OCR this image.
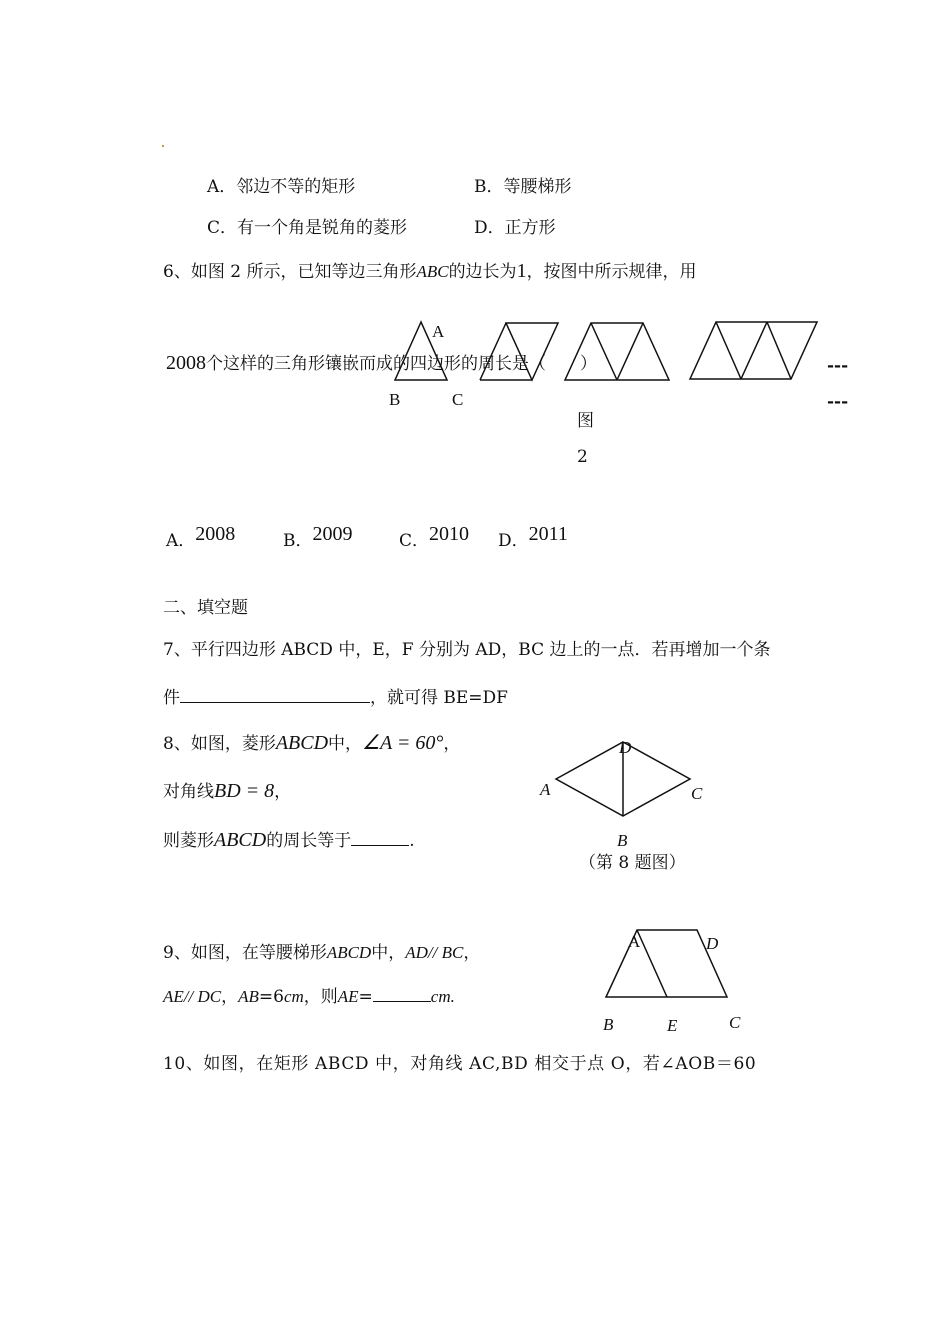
A．邻边不等的矩形	B．等腰梯形
C．有一个角是锐角的菱形	D．正方形
6、如图 2 所示，已知等边三角形ABC的边长为1，按图中所示规律，用
2008个这样的三角形镶嵌而成的四边形的周长是（　　）
A
B	C
---
---
图
2
A．2008	B．2009	C．2010 D．2011
二、填空题
7、平行四边形 ABCD 中，E，F 分别为 AD，BC 边上的一点．若再增加一个条
件	，就可得 BE=DF
8、如图，菱形ABCD中，∠A = 60°，
对角线BD = 8，
则菱形ABCD的周长等于	.
D
A	C
B
（第 8 题图）
9、如图，在等腰梯形ABCD中，AD// BC，
AE// DC，AB=6cm，则AE=	cm.
A	D
B	E	C
10、如图，在矩形 ABCD 中，对角线 AC,BD 相交于点 O，若∠AOB＝60
